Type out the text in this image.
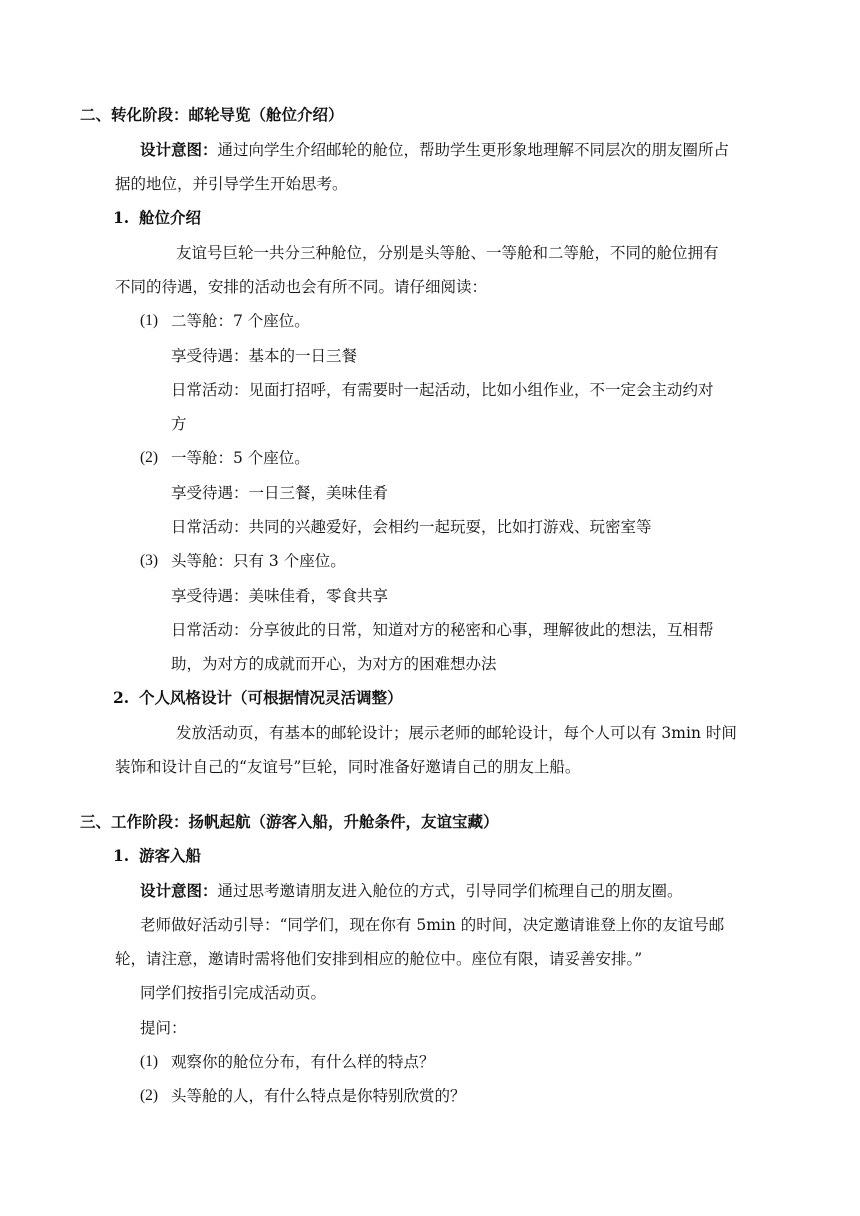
二、转化阶段：邮轮导览（舱位介绍）
设计意图：通过向学生介绍邮轮的舱位，帮助学生更形象地理解不同层次的朋友圈所占
据的地位，并引导学生开始思考。
1. 舱位介绍
友谊号巨轮一共分三种舱位，分别是头等舱、一等舱和二等舱，不同的舱位拥有
不同的待遇，安排的活动也会有所不同。请仔细阅读：
(1) 二等舱：7 个座位。
享受待遇：基本的一日三餐
日常活动：见面打招呼，有需要时一起活动，比如小组作业，不一定会主动约对
方
(2) 一等舱：5 个座位。
享受待遇：一日三餐，美味佳肴
日常活动：共同的兴趣爱好，会相约一起玩耍，比如打游戏、玩密室等
(3) 头等舱：只有 3 个座位。
享受待遇：美味佳肴，零食共享
日常活动：分享彼此的日常，知道对方的秘密和心事，理解彼此的想法，互相帮
助，为对方的成就而开心，为对方的困难想办法
2. 个人风格设计（可根据情况灵活调整）
发放活动页，有基本的邮轮设计；展示老师的邮轮设计，每个人可以有 3min 时间
装饰和设计自己的“友谊号”巨轮，同时准备好邀请自己的朋友上船。
三、工作阶段：扬帆起航（游客入船，升舱条件，友谊宝藏）
1. 游客入船
设计意图：通过思考邀请朋友进入舱位的方式，引导同学们梳理自己的朋友圈。
老师做好活动引导：“同学们，现在你有 5min 的时间，决定邀请谁登上你的友谊号邮
轮，请注意，邀请时需将他们安排到相应的舱位中。座位有限，请妥善安排。”
同学们按指引完成活动页。
提问：
(1) 观察你的舱位分布，有什么样的特点？
(2) 头等舱的人，有什么特点是你特别欣赏的？
